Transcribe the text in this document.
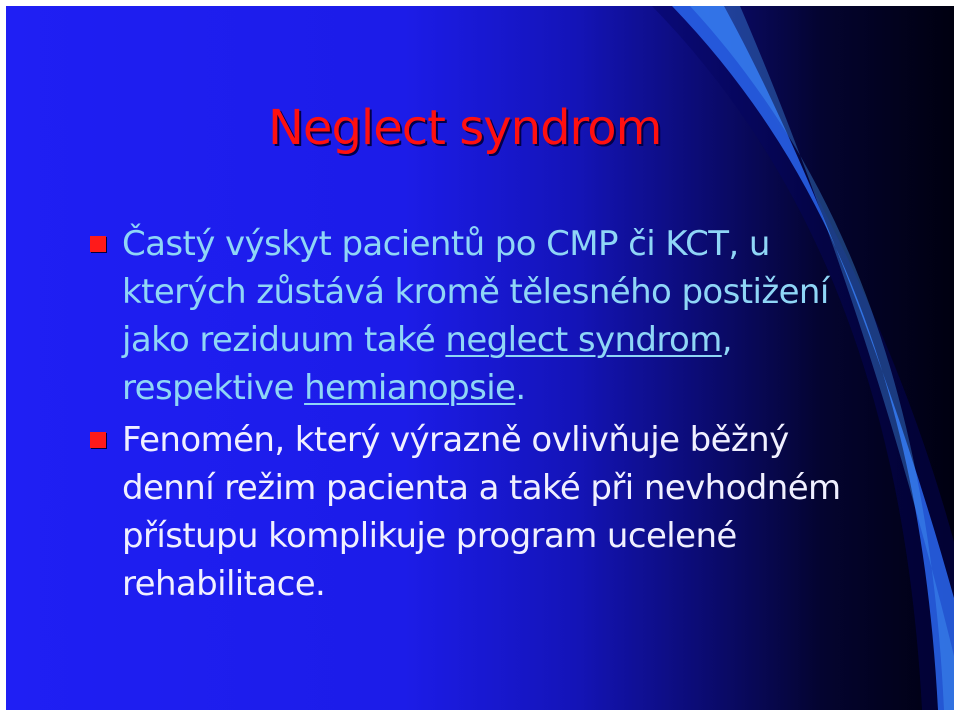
Neglect syndrom
Častý výskyt pacientů po CMP či KCT, u kterých zůstává kromě tělesného postižení jako reziduum také neglect syndrom, respektive hemianopsie.
Fenomén, který výrazně ovlivňuje běžný denní režim pacienta a také při nevhodném přístupu komplikuje program ucelené rehabilitace.
